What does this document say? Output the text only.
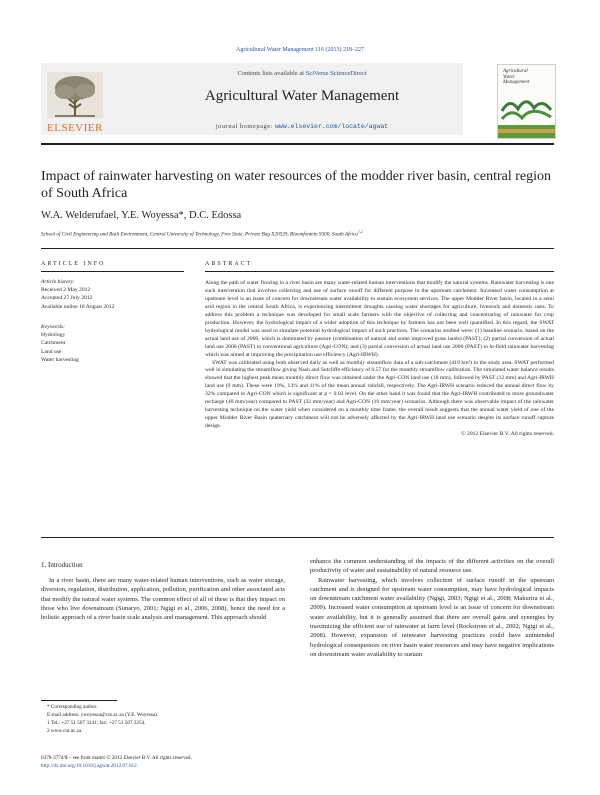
Agricultural Water Management 116 (2013) 218–227
ELSEVIER
Contents lists available at SciVerse ScienceDirect
Agricultural Water Management
journal homepage: www.elsevier.com/locate/agwat
Agricultural
Water
Management
Impact of rainwater harvesting on water resources of the modder river basin, central region of South Africa
W.A. Welderufael, Y.E. Woyessa*, D.C. Edossa
School of Civil Engineering and Built Environment, Central University of Technology, Free State, Private Bag X20539, Bloemfontein 9300, South Africa$^{1,2}$
ARTICLE INFO	ABSTRACT
Article history:
Received 2 May 2012
Accepted 27 July 2012
Available online 18 August 2012
Keywords:
Hydrology
Catchment
Land use
Water harvesting

Along the path of water flowing in a river basin are many water-related human interventions that modify the natural systems. Rainwater harvesting is one such intervention that involves collecting and use of surface runoff for different purpose in the upstream catchment. Increased water consumption at upstream level is an issue of concern for downstream water availability to sustain ecosystem services. The upper Modder River basin, located in a semi arid region in the central South Africa, is experiencing intermittent droughts causing water shortages for agriculture, livestock and domestic uses. To address this problem a technique was developed for small scale farmers with the objective of collecting and concentrating of rainwater for crop production. However, the hydrological impact of a wider adoption of this technique by farmers has not been well quantified. In this regard, the SWAT hydrological model was used to simulate potential hydrological impact of such practices. The scenarios studied were: (1) baseline scenario, based on the actual land use of 2000, which is dominated by pasture (combination of natural and some improved grass lands) (PAST); (2) partial conversion of actual land use 2000 (PAST) to conventional agriculture (Agri-CON); and (3) partial conversion of actual land use 2000 (PAST) to in-field rainwater harvesting which was aimed at improving the precipitation use efficiency (Agri-IRWH).

SWAT was calibrated using both observed daily as well as monthly streamflow data of a sub-catchment (419 km²) in the study area. SWAT performed well in simulating the streamflow giving Nash and Sutcliffe efficiency of 0.57 for the monthly streamflow calibration. The simulated water balance results showed that the highest peak mean monthly direct flow was obtained under the Agri-CON land use (18 mm), followed by PAST (12 mm) and Agri-IRWH land use (9 mm). These were 19%, 13% and 11% of the mean annual rainfall, respectively. The Agri-IRWH scenario reduced the annual direct flow by 32% compared to Agri-CON which is significant at p < 0.02 level. On the other hand it was found that the Agri-IRWH contributed to more groundwater recharge (40 mm/year) compared to PAST (32 mm/year) and Agri-CON (19 mm/year) scenarios. Although there was observable impact of the rainwater harvesting technique on the water yield when considered on a monthly time frame, the overall result suggests that the annual water yield of one of the upper Modder River Basin quaternary catchment will not be adversely affected by the Agri-IRWH land use scenario despite its surface runoff capture design.

© 2012 Elsevier B.V. All rights reserved.
1. Introduction

In a river basin, there are many water-related human interventions, such as water storage, diversion, regulation, distribution, application, pollution, purification and other associated acts that modify the natural water systems. The common effect of all of these is that they impact on those who live downstream (Sunaryo, 2001; Ngigi et al., 2006, 2008), hence the need for a holistic approach of a river basin scale analysis and management. This approach should

enhance the common understanding of the impacts of the different activities on the overall productivity of water and sustainability of natural resource use.

Rainwater harvesting, which involves collection of surface runoff in the upstream catchment and is designed for upstream water consumption, may have hydrological impacts on downstream catchment water availability (Ngigi, 2003; Ngigi et al., 2008; Makurira et al., 2009). Increased water consumption at upstream level is an issue of concern for downstream water availability, but it is generally assumed that there are overall gains and synergies by maximizing the efficient use of rainwater at farm level (Rockstrom et al., 2002; Ngigi et al., 2008). However, expansion of rainwater harvesting practices could have unintended hydrological consequences on river basin water resources and may have negative implications on downstream water availability to sustain

* Corresponding author.
E-mail address: ywoyessa@cut.ac.za (Y.E. Woyessa).
1 Tel.: +27 51 507 3241; fax: +27 51 507 3254.
2 www.cut.ac.za.
0378-3774/$ – see front matter © 2012 Elsevier B.V. All rights reserved.
http://dx.doi.org/10.1016/j.agwat.2012.07.012
